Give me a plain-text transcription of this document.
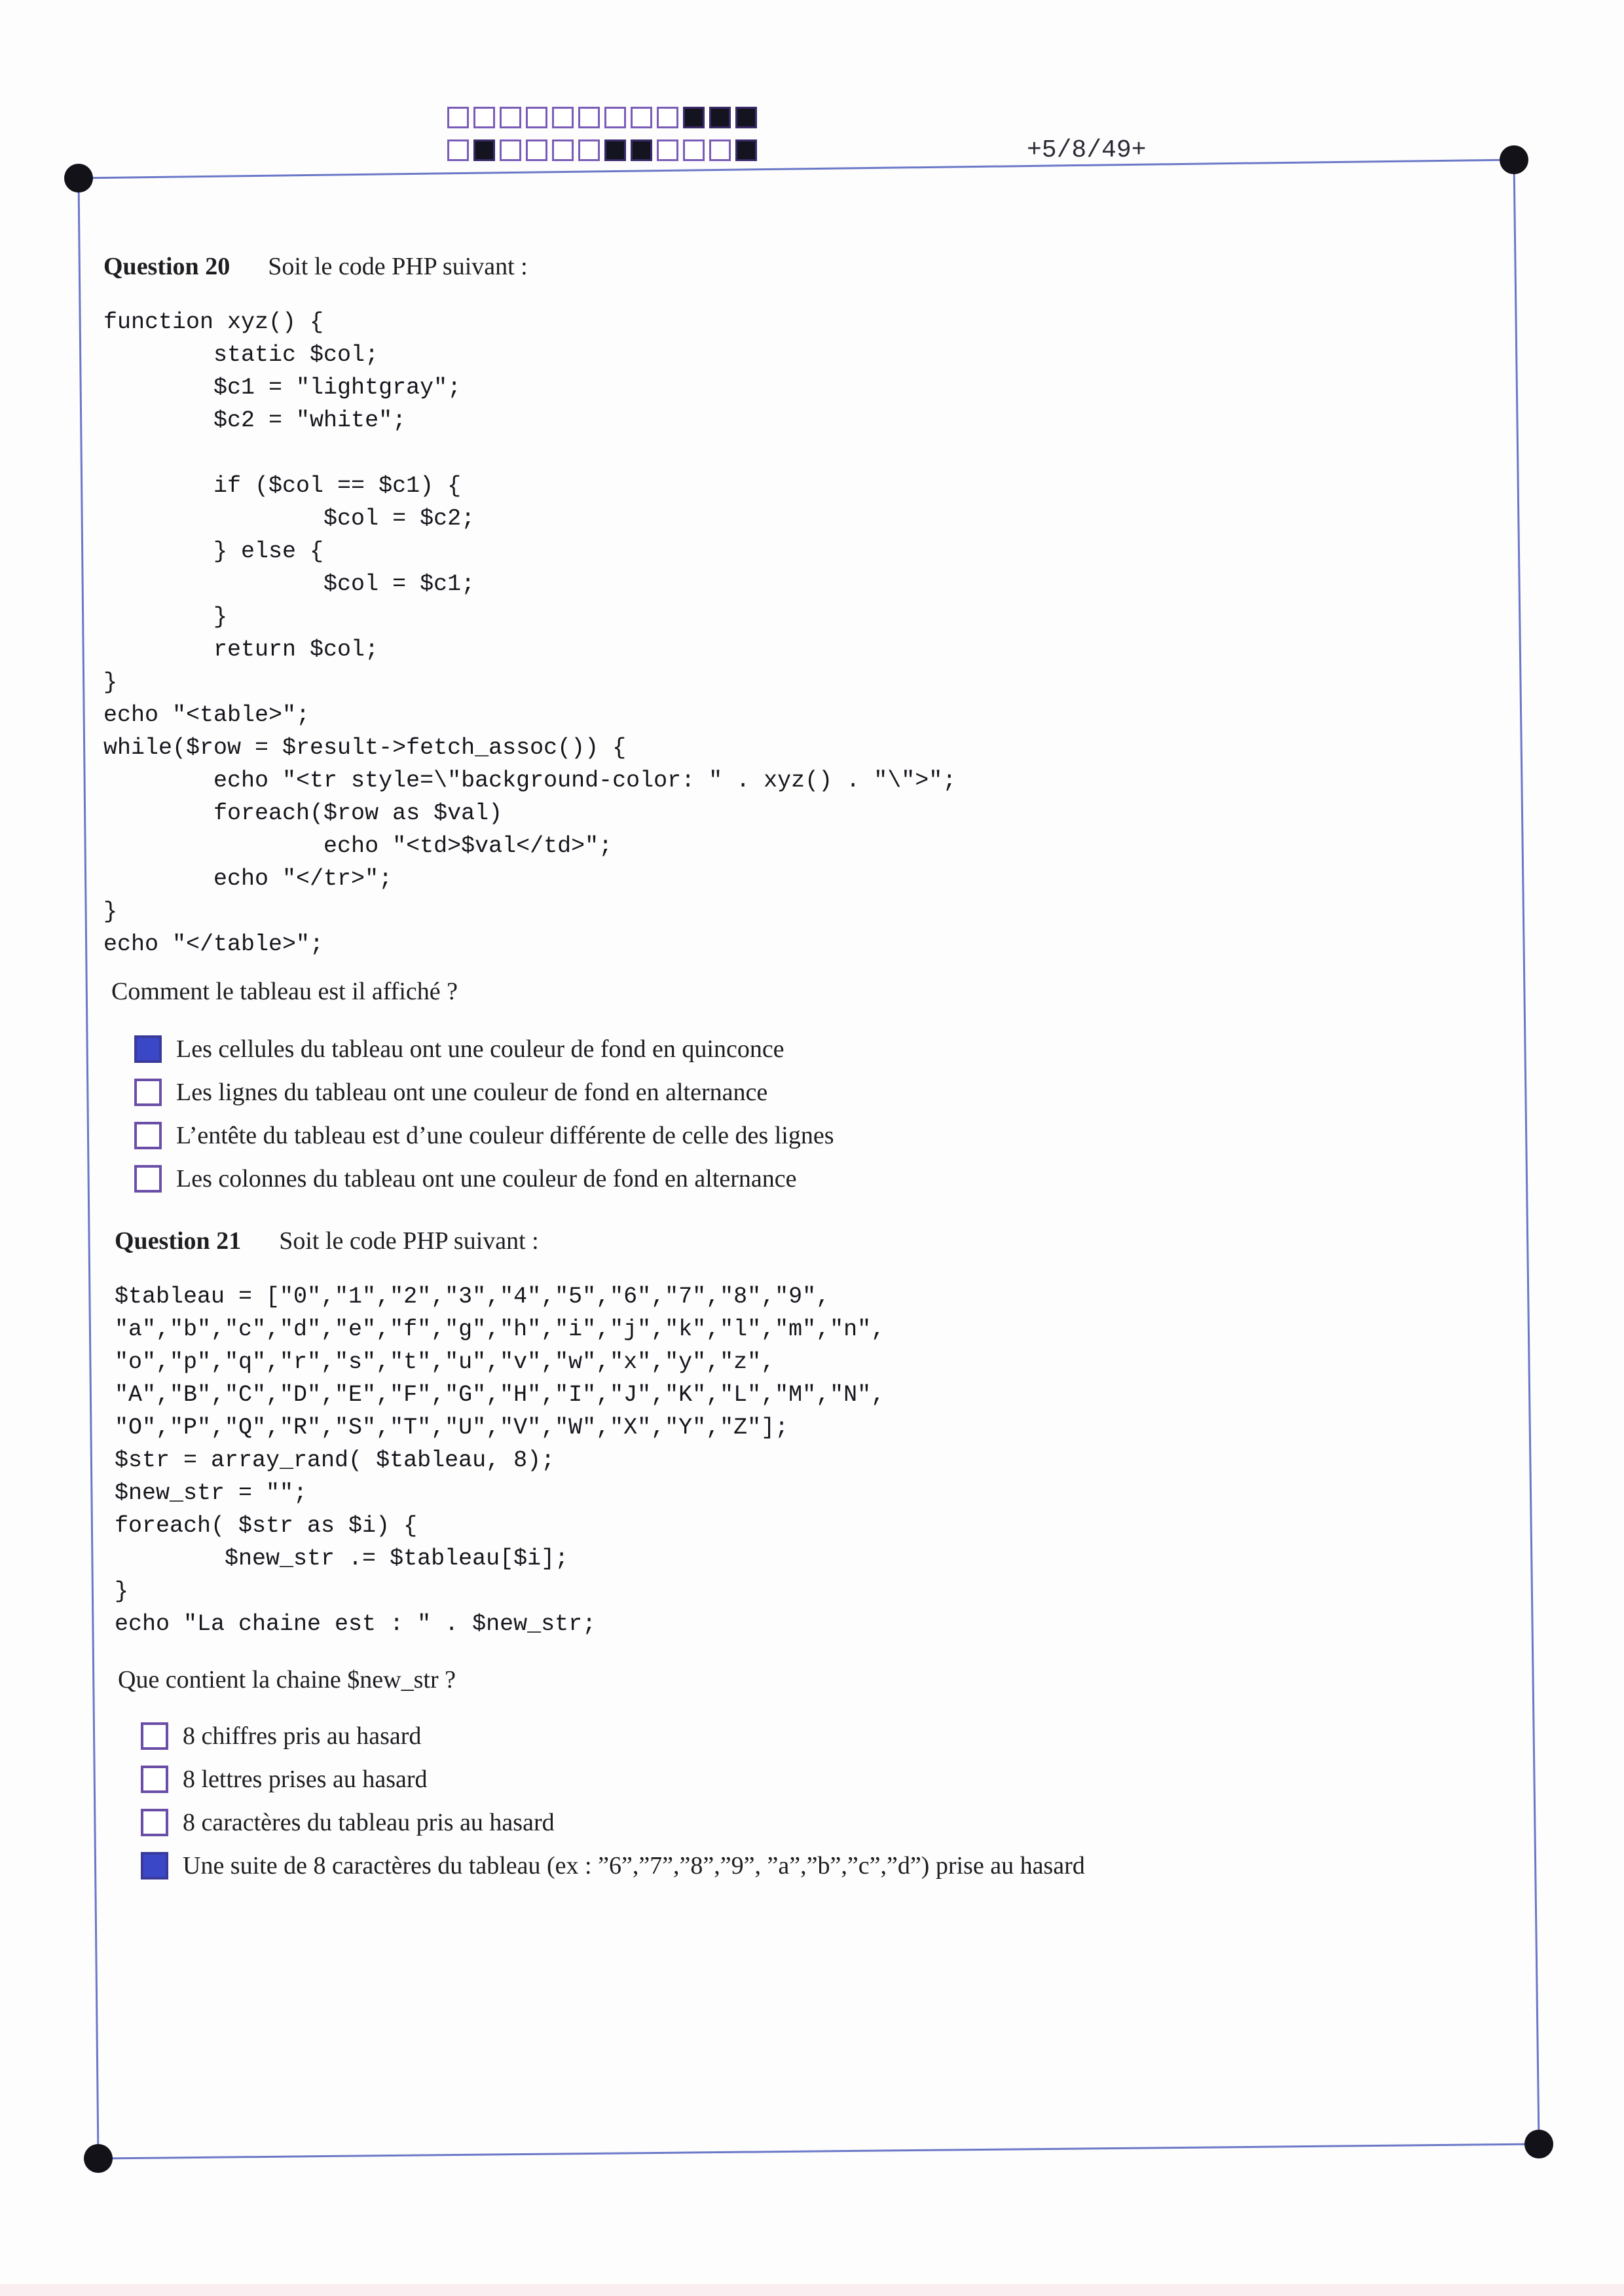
+5/8/49+
Question 20 Soit le code PHP suivant :
function xyz() {
static $col;
$c1 = "lightgray";
$c2 = "white";

if ($col == $c1) {
$col = $c2;
} else {
$col = $c1;
}
return $col;
}
echo "<table>";
while($row = $result->fetch_assoc()) {
echo "<tr style=\"background-color: " . xyz() . "\">";
foreach($row as $val)
echo "<td>$val</td>";
echo "</tr>";
}
echo "</table>";
Comment le tableau est il affiché ?
Les cellules du tableau ont une couleur de fond en quinconce
Les lignes du tableau ont une couleur de fond en alternance
L’entête du tableau est d’une couleur différente de celle des lignes
Les colonnes du tableau ont une couleur de fond en alternance
Question 21 Soit le code PHP suivant :
$tableau = ["0","1","2","3","4","5","6","7","8","9",
"a","b","c","d","e","f","g","h","i","j","k","l","m","n",
"o","p","q","r","s","t","u","v","w","x","y","z",
"A","B","C","D","E","F","G","H","I","J","K","L","M","N",
"O","P","Q","R","S","T","U","V","W","X","Y","Z"];
$str = array_rand( $tableau, 8);
$new_str = "";
foreach( $str as $i) {
$new_str .= $tableau[$i];
}
echo "La chaine est : " . $new_str;
Que contient la chaine $new_str ?
8 chiffres pris au hasard
8 lettres prises au hasard
8 caractères du tableau pris au hasard
Une suite de 8 caractères du tableau (ex : ”6”,”7”,”8”,”9”, ”a”,”b”,”c”,”d”) prise au hasard
